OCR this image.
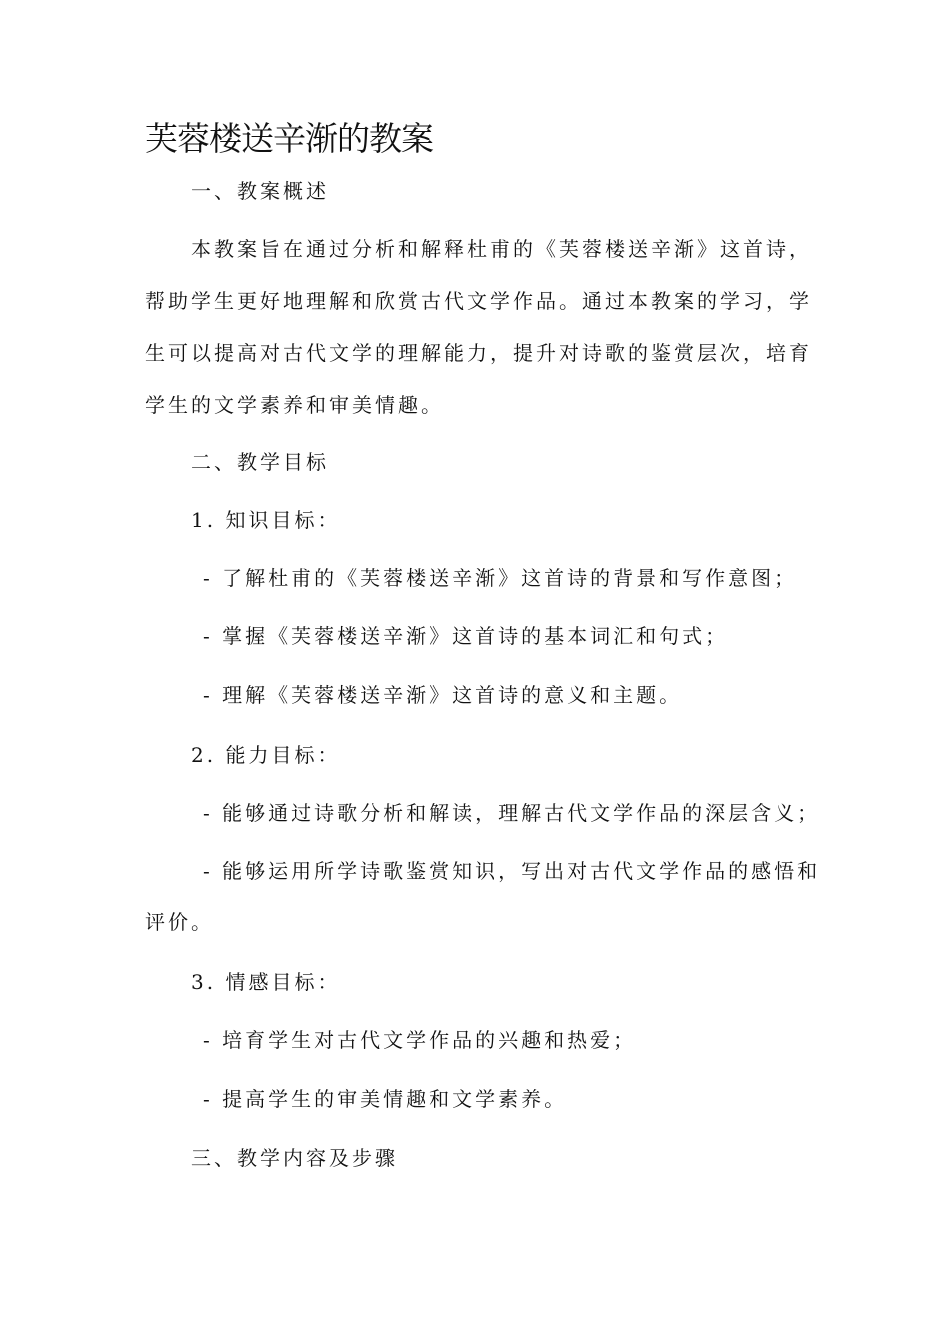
芙蓉楼送辛渐的教案
一、教案概述
本教案旨在通过分析和解释杜甫的《芙蓉楼送辛渐》这首诗，
帮助学生更好地理解和欣赏古代文学作品。通过本教案的学习，学
生可以提高对古代文学的理解能力，提升对诗歌的鉴赏层次，培育
学生的文学素养和审美情趣。
二、教学目标
1. 知识目标：
- 了解杜甫的《芙蓉楼送辛渐》这首诗的背景和写作意图；
- 掌握《芙蓉楼送辛渐》这首诗的基本词汇和句式；
- 理解《芙蓉楼送辛渐》这首诗的意义和主题。
2. 能力目标：
- 能够通过诗歌分析和解读，理解古代文学作品的深层含义；
- 能够运用所学诗歌鉴赏知识，写出对古代文学作品的感悟和
评价。
3. 情感目标：
- 培育学生对古代文学作品的兴趣和热爱；
- 提高学生的审美情趣和文学素养。
三、教学内容及步骤
